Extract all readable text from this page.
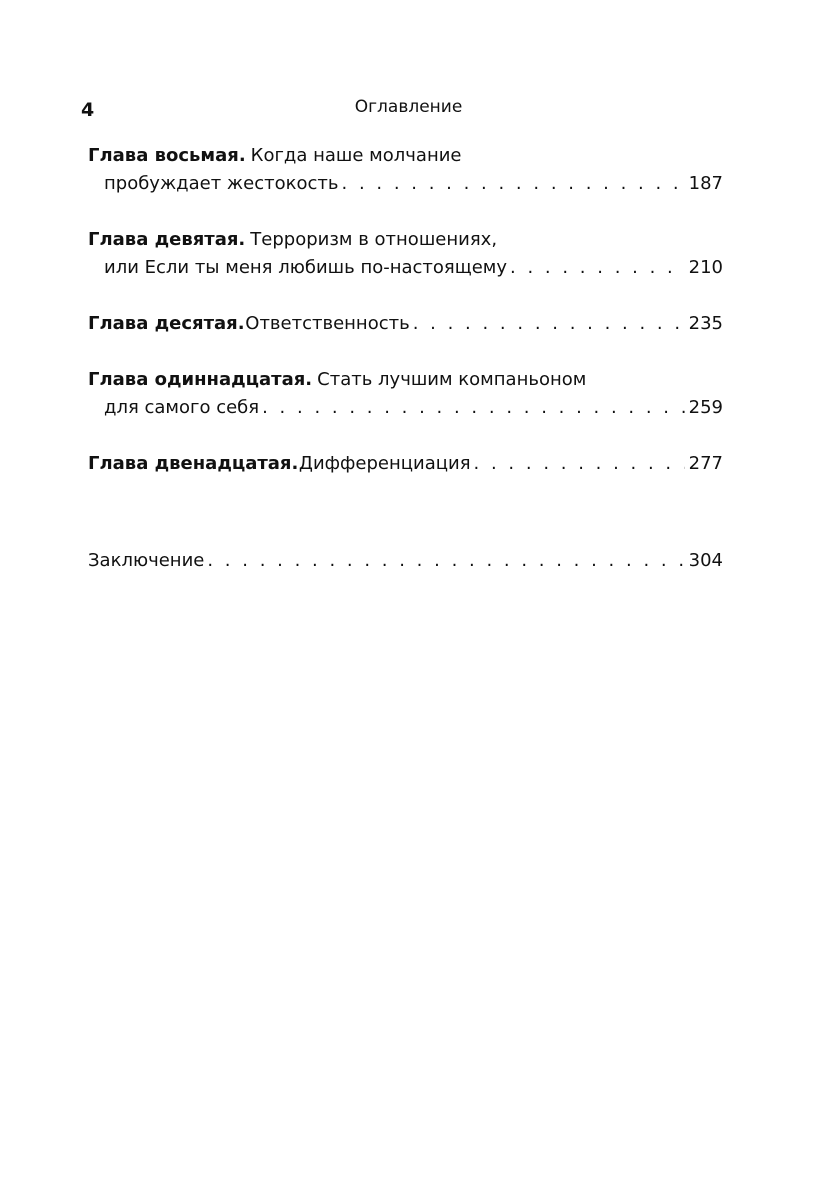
4	Оглавление
Глава восьмая. Когда наше молчание
пробуждает жестокость . . .	187
Глава девятая. Терроризм в отношениях,
или Если ты меня любишь по-настоящему . . .	210
Глава десятая. Ответственность . . .	235
Глава одиннадцатая. Стать лучшим компаньоном
для самого себя . . .	259
Глава двенадцатая. Дифференциация . . .	277
Заключение . . .	304
